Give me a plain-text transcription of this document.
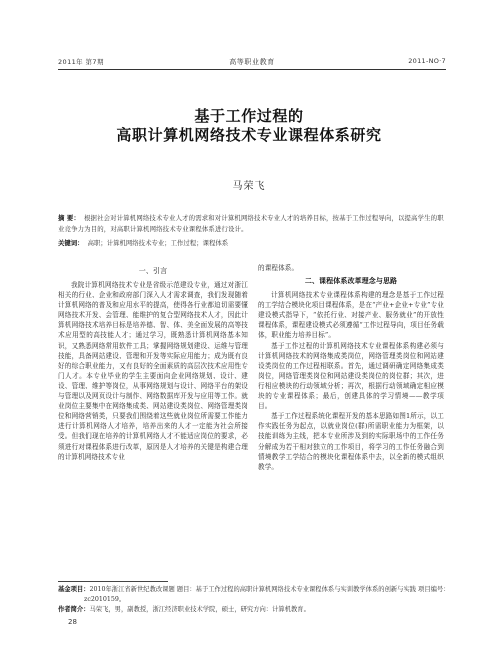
2011年 第7期	高等职业教育	2011-NO·7
基于工作过程的
高职计算机网络技术专业课程体系研究
马荣飞
摘 要： 根据社会对计算机网络技术专业人才的需求和对计算机网络技术专业人才的培养目标，按基于工作过程导向，以提高学生的职业竞争力为目的，对高职计算机网络技术专业课程体系进行设计。
关键词： 高职；计算机网络技术专业；工作过程；课程体系
一、引言

我院计算机网络技术专业是省级示范建设专业，通过对浙江相关的行业、企业和政府部门深入人才需求调查，我们发现随着计算机网络的普及和应用水平的提高，使得各行业都迫切需要懂网络技术开发、会管理、能维护的复合型网络技术人才，因此计算机网络技术培养目标是培养德、智、体、美全面发展的高等技术应用型的高技能人才；通过学习，既熟悉计算机网络基本知识，又熟悉网络常用软件工具；掌握网络规划建设、运维与管理技能，具备网站建设、管理和开发等实际应用能力；成为既有良好的综合职业能力，又有良好的全面素质的高层次技术应用性专门人才。本专业毕业的学生主要面向企业网络规划、设计、建设、管理、维护等岗位，从事网络规划与设计、网络平台的架设与管理以及网页设计与制作、网络数据库开发与应用等工作。就业岗位主要集中在网络集成类、网站建设类岗位、网络管理类岗位和网络营销类，只要我们围绕着这些就业岗位所需要工作能力进行计算机网络人才培养，培养出来的人才一定能为社会所接受。但我们现在培养的计算机网络人才不能适应岗位的要求，必须进行对课程体系进行改革，原因是人才培养的关键是构建合理的计算机网络技术专业

的课程体系。

二、课程体系改革理念与思路

计算机网络技术专业课程体系构建的理念是基于工作过程的工学结合模块化项目课程体系，是在“产业+企业+专业”专业建设模式指导下，“依托行业、对接产业、服务就业”的开放性课程体系，课程建设模式必须遵循“工作过程导向，项目任务载体，职业能力培养目标”。

基于工作过程的计算机网络技术专业课程体系构建必须与计算机网络技术的网络集成类岗位，网络管理类岗位和网站建设类岗位的工作过程相联系。首先，通过调研确定网络集成类岗位，网络管理类岗位和网站建设类岗位的岗位群；其次，进行相应模块的行动领域分析；再次，根据行动领域确定相应模块的专业课程体系；最后，创建具体的学习情境——教学项目。

基于工作过程系统化课程开发的基本思路如图1所示，以工作实践任务为起点，以就业岗位(群)所需职业能力为框架，以技能训练为主线，把本专业所涉及到的实际职场中的工作任务分解成为若干相对独立的工作项目，将学习的工作任务融合到情境教学工学结合的模块化课程体系中去，以全新的模式组织教学。

基金项目：2010年浙江省新世纪教改课题 题目：基于工作过程的高职计算机网络技术专业课程体系与实训教学体系的创新与实践 项目编号：zc2010159。

作者简介：马荣飞，男，副教授，浙江经济职业技术学院，硕士，研究方向：计算机教育。

28
